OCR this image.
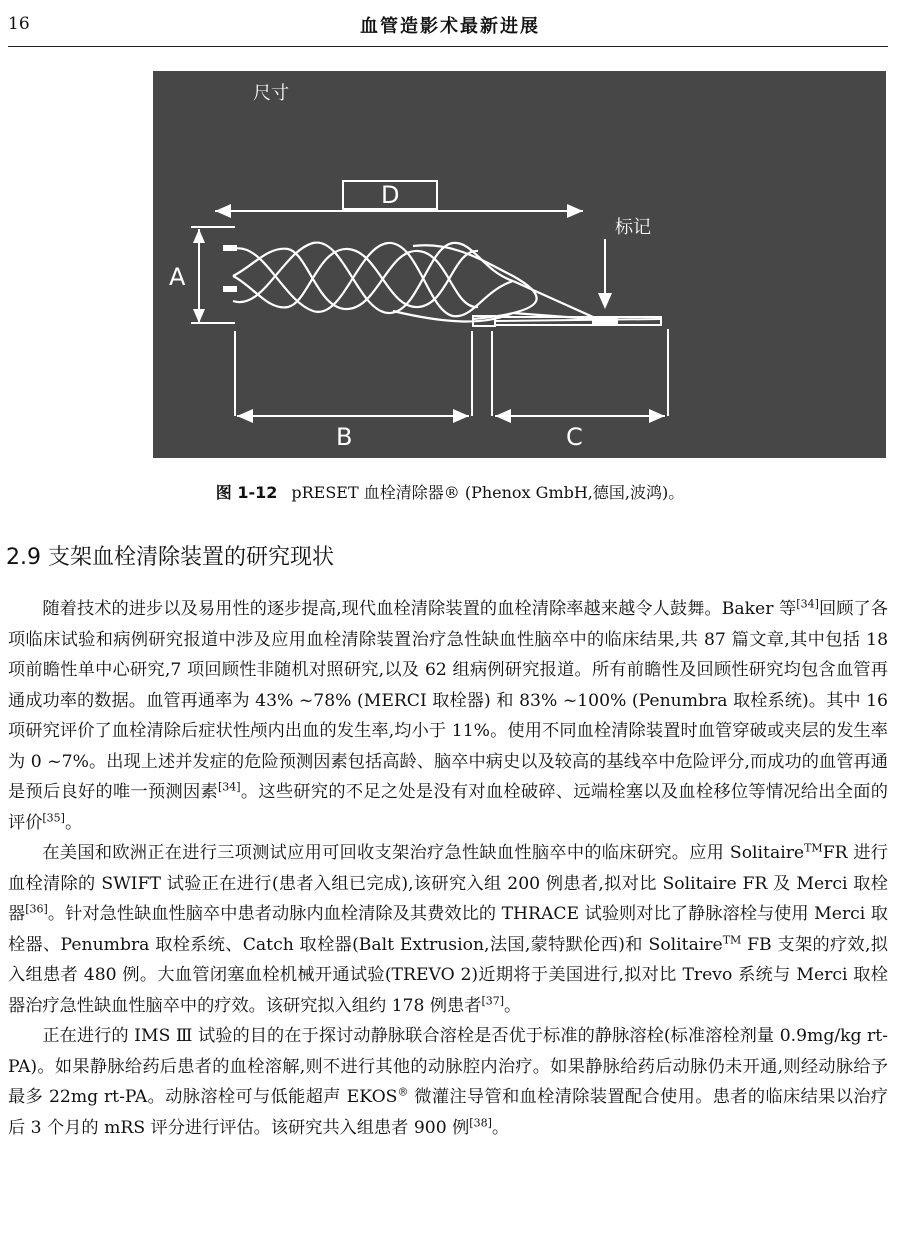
16	血管造影术最新进展
尺寸
标记
D
A
B	C
图 1-12 pRESET 血栓清除器® (Phenox GmbH,德国,波鸿)。
2.9 支架血栓清除装置的研究现状

随着技术的进步以及易用性的逐步提高,现代血栓清除装置的血栓清除率越来越令人鼓舞。Baker 等[34]回顾了各项临床试验和病例研究报道中涉及应用血栓清除装置治疗急性缺血性脑卒中的临床结果,共 87 篇文章,其中包括 18 项前瞻性单中心研究,7 项回顾性非随机对照研究,以及 62 组病例研究报道。所有前瞻性及回顾性研究均包含血管再通成功率的数据。血管再通率为 43% ~78% (MERCI 取栓器) 和 83% ~100% (Penumbra 取栓系统)。其中 16 项研究评价了血栓清除后症状性颅内出血的发生率,均小于 11%。使用不同血栓清除装置时血管穿破或夹层的发生率为 0 ~7%。出现上述并发症的危险预测因素包括高龄、脑卒中病史以及较高的基线卒中危险评分,而成功的血管再通是预后良好的唯一预测因素[34]。这些研究的不足之处是没有对血栓破碎、远端栓塞以及血栓移位等情况给出全面的评价[35]。

在美国和欧洲正在进行三项测试应用可回收支架治疗急性缺血性脑卒中的临床研究。应用 Solitaire™FR 进行血栓清除的 SWIFT 试验正在进行(患者入组已完成),该研究入组 200 例患者,拟对比 Solitaire FR 及 Merci 取栓器[36]。针对急性缺血性脑卒中患者动脉内血栓清除及其费效比的 THRACE 试验则对比了静脉溶栓与使用 Merci 取栓器、Penumbra 取栓系统、Catch 取栓器(Balt Extrusion,法国,蒙特默伦西)和 Solitaire™ FB 支架的疗效,拟入组患者 480 例。大血管闭塞血栓机械开通试验(TREVO 2)近期将于美国进行,拟对比 Trevo 系统与 Merci 取栓器治疗急性缺血性脑卒中的疗效。该研究拟入组约 178 例患者[37]。

正在进行的 IMS Ⅲ 试验的目的在于探讨动静脉联合溶栓是否优于标准的静脉溶栓(标准溶栓剂量 0.9mg/kg rt-PA)。如果静脉给药后患者的血栓溶解,则不进行其他的动脉腔内治疗。如果静脉给药后动脉仍未开通,则经动脉给予最多 22mg rt-PA。动脉溶栓可与低能超声 EKOS® 微灌注导管和血栓清除装置配合使用。患者的临床结果以治疗后 3 个月的 mRS 评分进行评估。该研究共入组患者 900 例[38]。
